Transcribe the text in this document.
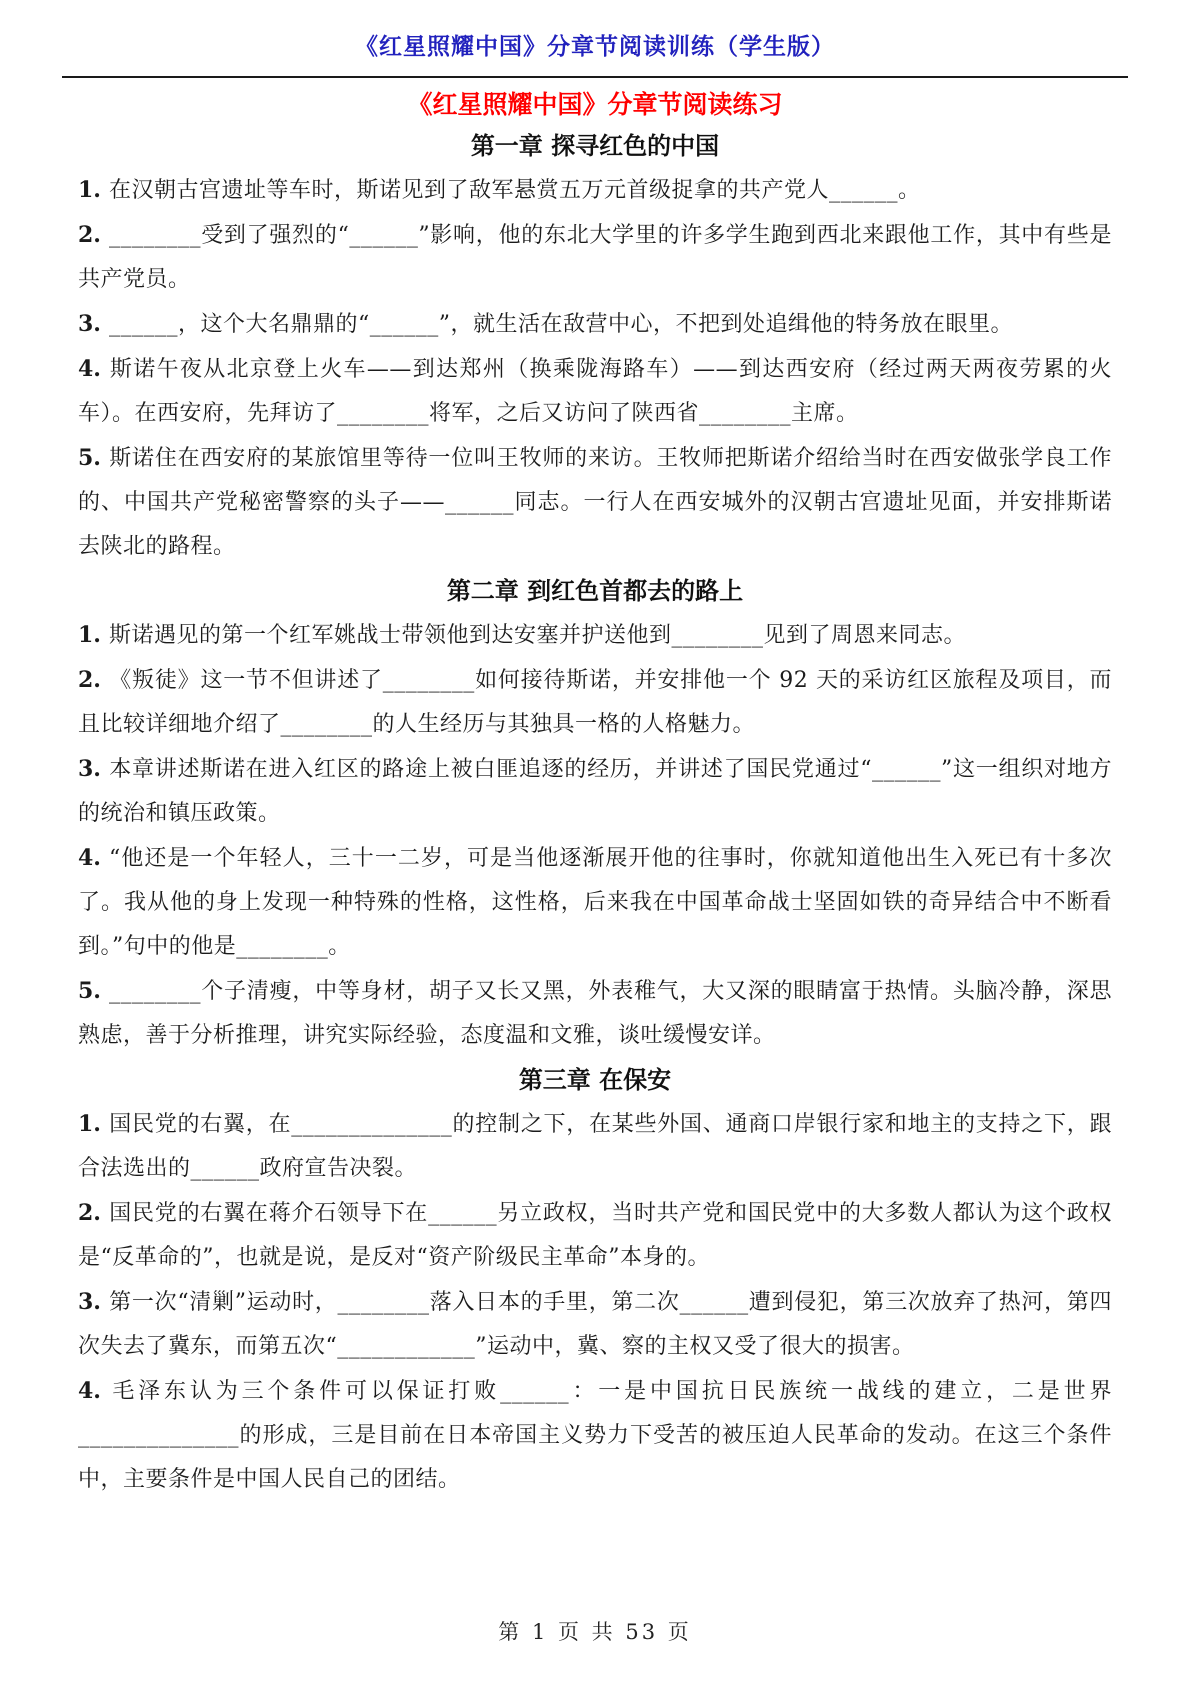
《红星照耀中国》分章节阅读训练（学生版）
《红星照耀中国》分章节阅读练习
第一章 探寻红色的中国

1. 在汉朝古宫遗址等车时，斯诺见到了敌军悬赏五万元首级捉拿的共产党人______。

2. ________受到了强烈的“______”影响，他的东北大学里的许多学生跑到西北来跟他工作，其中有些是共产党员。

3. ______，这个大名鼎鼎的“______”，就生活在敌营中心，不把到处追缉他的特务放在眼里。

4. 斯诺午夜从北京登上火车——到达郑州（换乘陇海路车）——到达西安府（经过两天两夜劳累的火车）。在西安府，先拜访了________将军，之后又访问了陕西省________主席。

5. 斯诺住在西安府的某旅馆里等待一位叫王牧师的来访。王牧师把斯诺介绍给当时在西安做张学良工作的、中国共产党秘密警察的头子——______同志。一行人在西安城外的汉朝古宫遗址见面，并安排斯诺去陕北的路程。

第二章 到红色首都去的路上

1. 斯诺遇见的第一个红军姚战士带领他到达安塞并护送他到________见到了周恩来同志。

2. 《叛徒》这一节不但讲述了________如何接待斯诺，并安排他一个 92 天的采访红区旅程及项目，而且比较详细地介绍了________的人生经历与其独具一格的人格魅力。

3. 本章讲述斯诺在进入红区的路途上被白匪追逐的经历，并讲述了国民党通过“______”这一组织对地方的统治和镇压政策。

4. “他还是一个年轻人，三十一二岁，可是当他逐渐展开他的往事时，你就知道他出生入死已有十多次了。我从他的身上发现一种特殊的性格，这性格，后来我在中国革命战士坚固如铁的奇异结合中不断看到。”句中的他是________。

5. ________个子清瘦，中等身材，胡子又长又黑，外表稚气，大又深的眼睛富于热情。头脑冷静，深思熟虑，善于分析推理，讲究实际经验，态度温和文雅，谈吐缓慢安详。

第三章 在保安

1. 国民党的右翼，在______________的控制之下，在某些外国、通商口岸银行家和地主的支持之下，跟合法选出的______政府宣告决裂。

2. 国民党的右翼在蒋介石领导下在______另立政权，当时共产党和国民党中的大多数人都认为这个政权是“反革命的”，也就是说，是反对“资产阶级民主革命”本身的。

3. 第一次“清剿”运动时，________落入日本的手里，第二次______遭到侵犯，第三次放弃了热河，第四次失去了冀东，而第五次“____________”运动中，冀、察的主权又受了很大的损害。

4. 毛泽东认为三个条件可以保证打败______：一是中国抗日民族统一战线的建立，二是世界______________的形成，三是目前在日本帝国主义势力下受苦的被压迫人民革命的发动。在这三个条件中，主要条件是中国人民自己的团结。

第 1 页 共 53 页
